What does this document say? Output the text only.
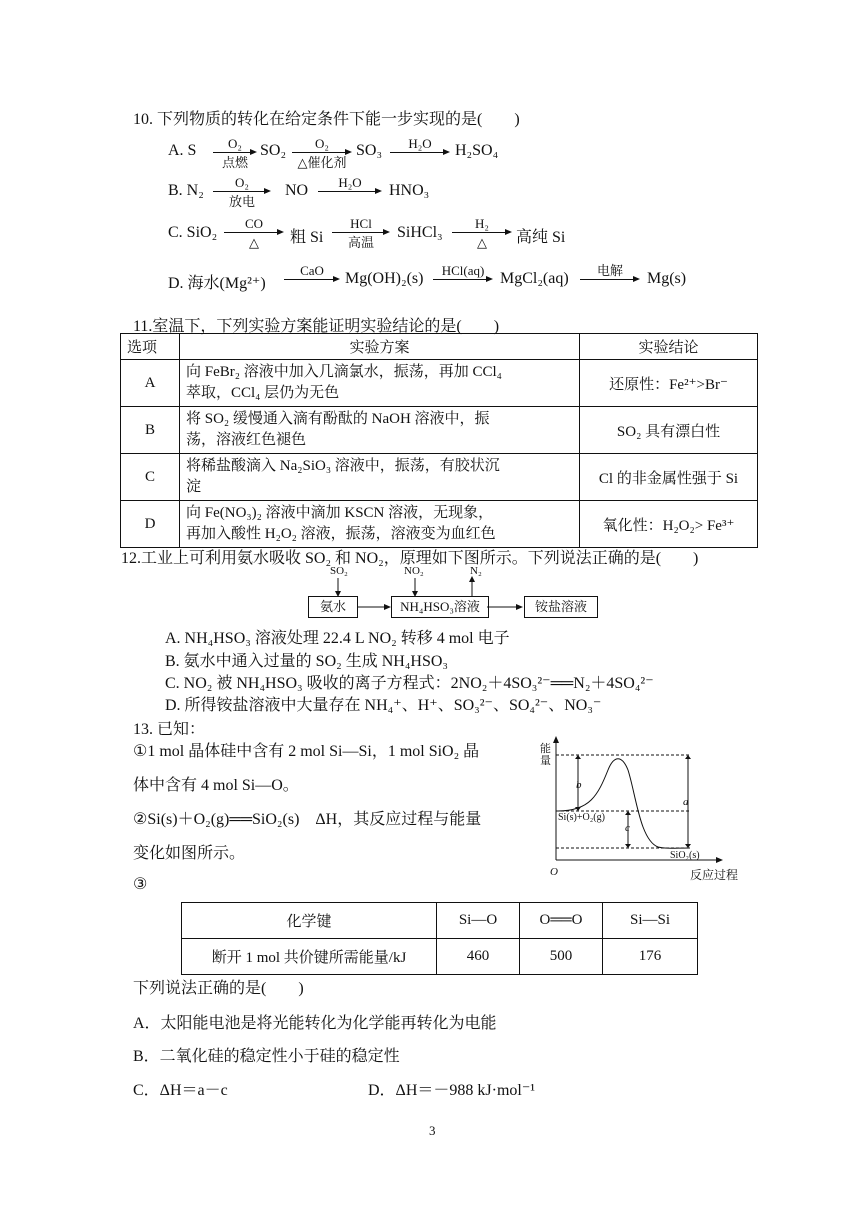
10. 下列物质的转化在给定条件下能一步实现的是(　　)
A. S	O₂
点燃
SO₂	O₂
△催化剂
SO₃	H₂O	H₂SO₄
B. N₂	O₂
放电
NO	H₂O	HNO₃
C. SiO₂
CO
△	粗 Si
HCl
高温
SiHCl₃
H₂
△	高纯 Si
D. 海水(Mg²⁺)
CaO	Mg(OH)₂(s)	HCl(aq) MgCl₂(aq)	电解	Mg(s)
11.室温下，下列实验方案能证明实验结论的是(　　)
选项	实验方案	实验结论
A	向 FeBr₂ 溶液中加入几滴氯水，振荡，再加 CCl₄
萃取，CCl₄ 层仍为无色	还原性：Fe²⁺>Br⁻
B	将 SO₂ 缓慢通入滴有酚酞的 NaOH 溶液中，振
荡，溶液红色褪色	SO₂ 具有漂白性
C	将稀盐酸滴入 Na₂SiO₃ 溶液中，振荡，有胶状沉
淀	Cl 的非金属性强于 Si
D	向 Fe(NO₃)₂ 溶液中滴加 KSCN 溶液，无现象，
再加入酸性 H₂O₂ 溶液，振荡，溶液变为血红色	氧化性：H₂O₂> Fe³⁺
12.工业上可利用氨水吸收 SO₂ 和 NO₂，原理如下图所示。下列说法正确的是(　　)
SO₂	NO₂	N₂
氨水	NH₄HSO₃溶液	铵盐溶液
A. NH₄HSO₃ 溶液处理 22.4 L NO₂ 转移 4 mol 电子
B. 氨水中通入过量的 SO₂ 生成 NH₄HSO₃
C. NO₂ 被 NH₄HSO₃ 吸收的离子方程式：2NO₂＋4SO₃²⁻══N₂＋4SO₄²⁻
D. 所得铵盐溶液中大量存在 NH₄⁺、H⁺、SO₃²⁻、SO₄²⁻、NO₃⁻
13. 已知：
①1 mol 晶体硅中含有 2 mol Si—Si，1 mol SiO₂ 晶
体中含有 4 mol Si—O。
②Si(s)＋O₂(g)══SiO₂(s)　ΔH，其反应过程与能量
变化如图所示。
③
能
量
O	反应过程
Si(s)+O₂(g)
SiO₂(s)
b
a
c
化学键	Si—O	O══O	Si—Si
断开 1 mol 共价键所需能量/kJ	460	500	176
下列说法正确的是(　　)
A．太阳能电池是将光能转化为化学能再转化为电能
B．二氧化硅的稳定性小于硅的稳定性
C．ΔH＝a－c	D．ΔH＝－988 kJ·mol⁻¹
3
